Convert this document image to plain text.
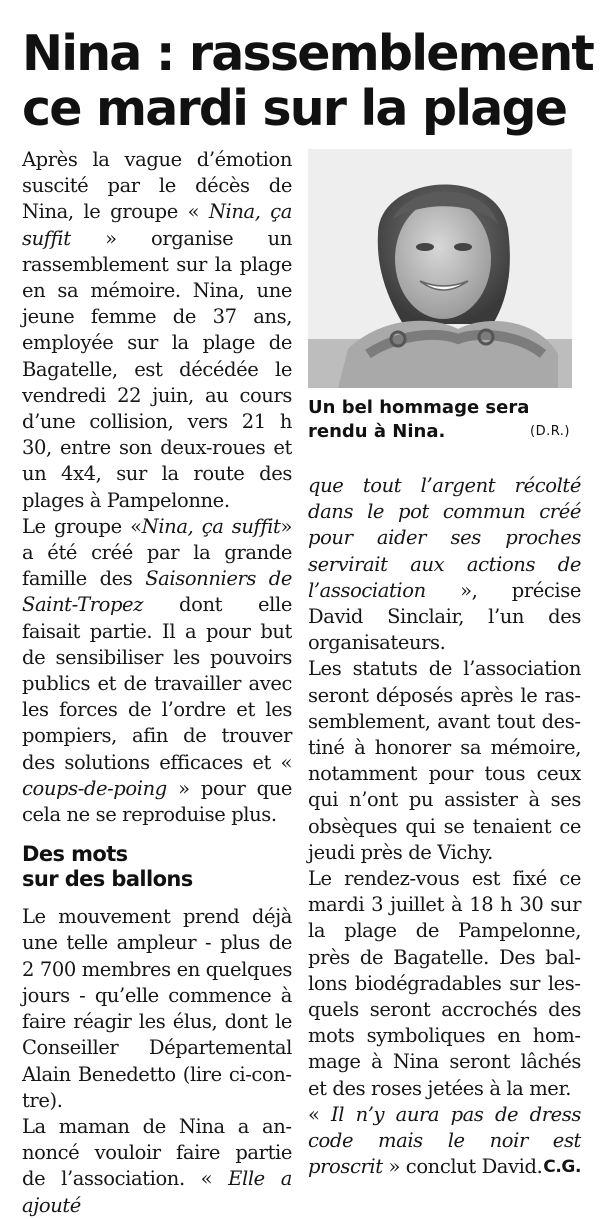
Nina : rassemblement
ce mardi sur la plage
Un bel hommage sera rendu à Nina.	(D.R.)

Après la vague d’émotion suscité par le décès de Nina, le groupe « Nina, ça suffit » organise un rassemblement sur la plage en sa mémoire. Nina, une jeune femme de 37 ans, employée sur la plage de Bagatelle, est décédée le vendredi 22 juin, au cours d’une collision, vers 21 h 30, entre son deux-roues et un 4x4, sur la route des plages à Pampelonne.

Le groupe «Nina, ça suffit» a été créé par la grande famille des Saisonniers de Saint-Tropez dont elle faisait partie. Il a pour but de sensibiliser les pouvoirs publics et de travailler avec les forces de l’ordre et les pompiers, afin de trouver des solutions efficaces et « coups-de-poing » pour que cela ne se reproduise plus.

Des mots
sur des ballons

Le mouvement prend déjà une telle ampleur - plus de 2 700 membres en quelques jours - qu’elle commence à faire réagir les élus, dont le Conseiller Départemental Alain Benedetto (lire ci-contre).

La maman de Nina a annoncé vouloir faire partie de l’association. « Elle a ajouté

que tout l’argent récolté dans le pot commun créé pour aider ses proches servirait aux actions de l’association », précise David Sinclair, l’un des organisateurs.

Les statuts de l’association seront déposés après le rassemblement, avant tout destiné à honorer sa mémoire, notamment pour tous ceux qui n’ont pu assister à ses obsèques qui se tenaient ce jeudi près de Vichy.

Le rendez-vous est fixé ce mardi 3 juillet à 18 h 30 sur la plage de Pampelonne, près de Bagatelle. Des ballons biodégradables sur lesquels seront accrochés des mots symboliques en hommage à Nina seront lâchés et des roses jetées à la mer.

« Il n’y aura pas de dress code mais le noir est proscrit » conclut David. C.G.
